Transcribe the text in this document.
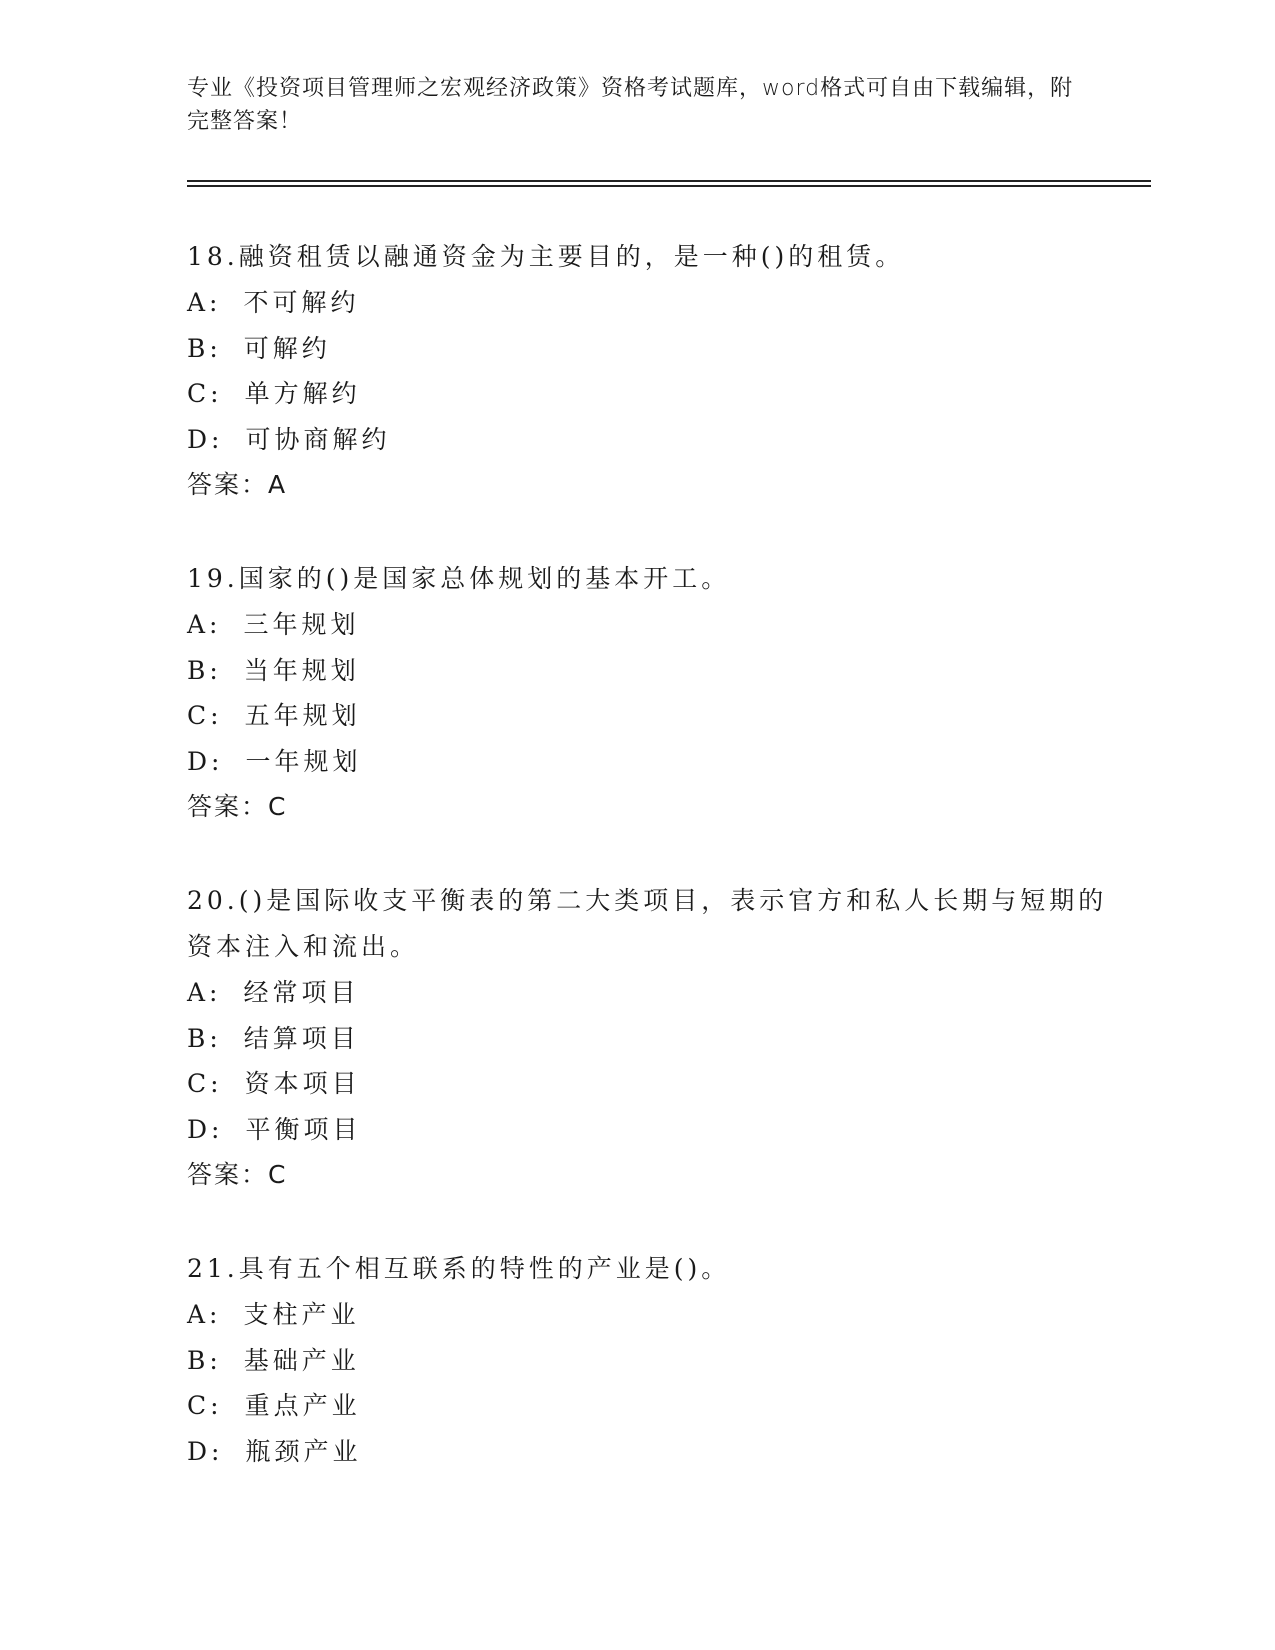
专业《投资项目管理师之宏观经济政策》资格考试题库，word格式可自由下载编辑，附完整答案！

18.融资租赁以融通资金为主要目的，是一种()的租赁。

A: 不可解约

B: 可解约

C: 单方解约

D: 可协商解约

答案：A

19.国家的()是国家总体规划的基本开工。

A: 三年规划

B: 当年规划

C: 五年规划

D: 一年规划

答案：C

20.()是国际收支平衡表的第二大类项目，表示官方和私人长期与短期的资本注入和流出。

A: 经常项目

B: 结算项目

C: 资本项目

D: 平衡项目

答案：C

21.具有五个相互联系的特性的产业是()。

A: 支柱产业

B: 基础产业

C: 重点产业

D: 瓶颈产业
